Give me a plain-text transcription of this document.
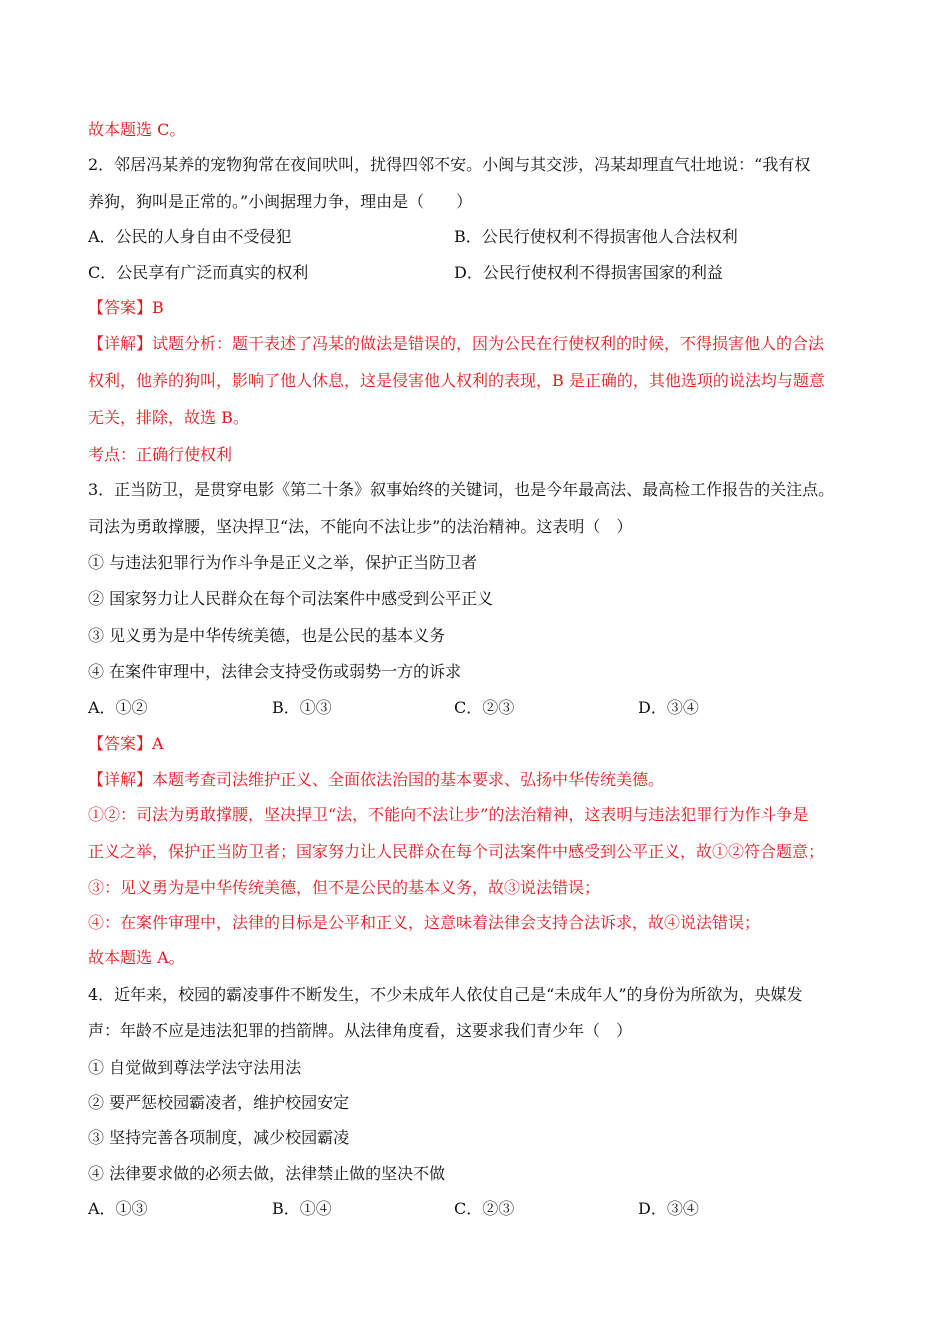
故本题选 C。
2．邻居冯某养的宠物狗常在夜间吠叫，扰得四邻不安。小闽与其交涉，冯某却理直气壮地说：“我有权
养狗，狗叫是正常的。”小闽据理力争，理由是（　　）
A．公民的人身自由不受侵犯	B．公民行使权利不得损害他人合法权利
C．公民享有广泛而真实的权利	D．公民行使权利不得损害国家的利益
【答案】B
【详解】试题分析：题干表述了冯某的做法是错误的，因为公民在行使权利的时候，不得损害他人的合法
权利，他养的狗叫，影响了他人休息，这是侵害他人权利的表现，B 是正确的，其他选项的说法均与题意
无关，排除，故选 B。
考点：正确行使权利
3．正当防卫，是贯穿电影《第二十条》叙事始终的关键词，也是今年最高法、最高检工作报告的关注点。
司法为勇敢撑腰，坚决捍卫“法，不能向不法让步”的法治精神。这表明（　）
① 与违法犯罪行为作斗争是正义之举，保护正当防卫者
② 国家努力让人民群众在每个司法案件中感受到公平正义
③ 见义勇为是中华传统美德，也是公民的基本义务
④ 在案件审理中，法律会支持受伤或弱势一方的诉求
A．①②	B．①③	C．②③	D．③④
【答案】A
【详解】本题考查司法维护正义、全面依法治国的基本要求、弘扬中华传统美德。
①②：司法为勇敢撑腰，坚决捍卫“法，不能向不法让步”的法治精神，这表明与违法犯罪行为作斗争是
正义之举，保护正当防卫者；国家努力让人民群众在每个司法案件中感受到公平正义，故①②符合题意；
③：见义勇为是中华传统美德，但不是公民的基本义务，故③说法错误；
④：在案件审理中，法律的目标是公平和正义，这意味着法律会支持合法诉求，故④说法错误；
故本题选 A。
4．近年来，校园的霸凌事件不断发生，不少未成年人依仗自己是“未成年人”的身份为所欲为，央媒发
声：年龄不应是违法犯罪的挡箭牌。从法律角度看，这要求我们青少年（　）
① 自觉做到尊法学法守法用法
② 要严惩校园霸凌者，维护校园安定
③ 坚持完善各项制度，减少校园霸凌
④ 法律要求做的必须去做，法律禁止做的坚决不做
A．①③	B．①④	C．②③	D．③④
